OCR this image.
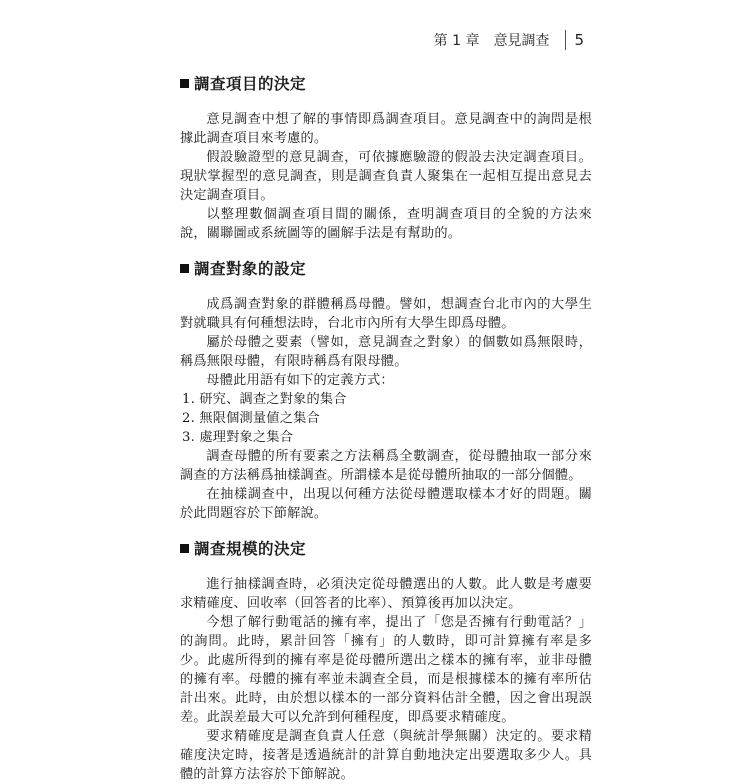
第 1 章　意見調查 5
調查項目的決定

意見調查中想了解的事情即爲調查項目。意見調查中的詢問是根據此調查項目來考慮的。

假設驗證型的意見調查，可依據應驗證的假設去決定調查項目。現狀掌握型的意見調查，則是調查負責人聚集在一起相互提出意見去決定調查項目。

以整理數個調查項目間的關係，查明調查項目的全貌的方法來說，關聯圖或系統圖等的圖解手法是有幫助的。

調查對象的設定

成爲調查對象的群體稱爲母體。譬如，想調查台北市內的大學生對就職具有何種想法時，台北市內所有大學生即爲母體。

屬於母體之要素（譬如，意見調查之對象）的個數如爲無限時，稱爲無限母體，有限時稱爲有限母體。

母體此用語有如下的定義方式：

1. 研究、調查之對象的集合

2. 無限個測量値之集合

3. 處理對象之集合

調查母體的所有要素之方法稱爲全數調查，從母體抽取一部分來調查的方法稱爲抽樣調查。所謂樣本是從母體所抽取的一部分個體。

在抽樣調查中，出現以何種方法從母體選取樣本才好的問題。關於此問題容於下節解說。

調查規模的決定

進行抽樣調查時，必須決定從母體選出的人數。此人數是考慮要求精確度、回收率（回答者的比率）、預算後再加以決定。

今想了解行動電話的擁有率，提出了「您是否擁有行動電話？」的詢問。此時，累計回答「擁有」的人數時，即可計算擁有率是多少。此處所得到的擁有率是從母體所選出之樣本的擁有率，並非母體的擁有率。母體的擁有率並未調查全員，而是根據樣本的擁有率所估計出來。此時，由於想以樣本的一部分資料估計全體，因之會出現誤差。此誤差最大可以允許到何種程度，即爲要求精確度。

要求精確度是調查負責人任意（與統計學無關）決定的。要求精確度決定時，接著是透過統計的計算自動地決定出要選取多少人。具體的計算方法容於下節解說。
